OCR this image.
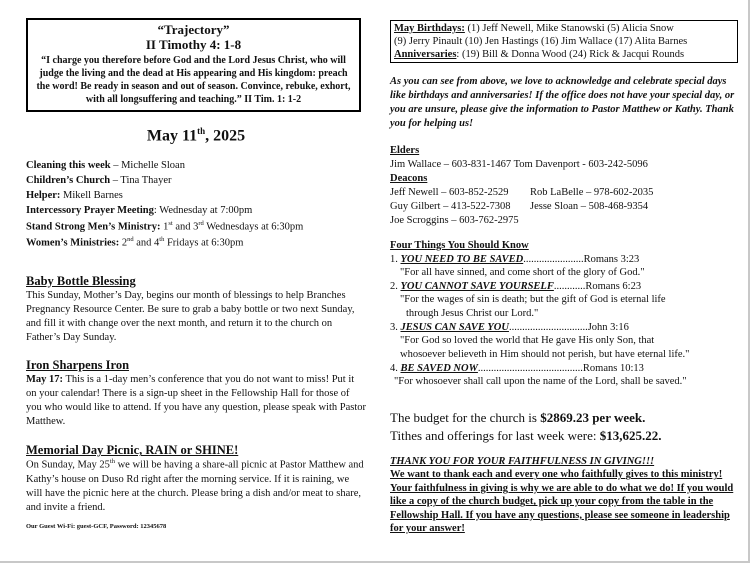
“Trajectory”
II Timothy 4: 1-8
“I charge you therefore before God and the Lord Jesus Christ, who will judge the living and the dead at His appearing and His kingdom: preach the word! Be ready in season and out of season. Convince, rebuke, exhort, with all longsuffering and teaching.” II Tim. 1: 1-2
May 11th, 2025
Cleaning this week – Michelle Sloan
Children’s Church – Tina Thayer
Helper: Mikell Barnes
Intercessory Prayer Meeting: Wednesday at 7:00pm
Stand Strong Men’s Ministry: 1st and 3rd Wednesdays at 6:30pm
Women’s Ministries: 2nd and 4th Fridays at 6:30pm
Baby Bottle Blessing

This Sunday, Mother’s Day, begins our month of blessings to help Branches Pregnancy Resource Center. Be sure to grab a baby bottle or two next Sunday, and fill it with change over the next month, and return it to the church on Father’s Day Sunday.

Iron Sharpens Iron

May 17: This is a 1-day men’s conference that you do not want to miss! Put it on your calendar! There is a sign-up sheet in the Fellowship Hall for those of you who would like to attend. If you have any question, please speak with Pastor Matthew.

Memorial Day Picnic, RAIN or SHINE!

On Sunday, May 25th we will be having a share-all picnic at Pastor Matthew and Kathy’s house on Duso Rd right after the morning service. If it is raining, we will have the picnic here at the church. Please bring a dish and/or meat to share, and invite a friend.

Our Guest Wi-Fi: guest-GCF, Password: 12345678
May Birthdays: (1) Jeff Newell, Mike Stanowski (5) Alicia Snow
(9) Jerry Pinault (10) Jen Hastings (16) Jim Wallace (17) Alita Barnes
Anniversaries: (19) Bill & Donna Wood (24) Rick & Jacqui Rounds
As you can see from above, we love to acknowledge and celebrate special days like birthdays and anniversaries! If the office does not have your special day, or you are unsure, please give the information to Pastor Matthew or Kathy. Thank you for helping us!
Elders
Jim Wallace – 603-831-1467 Tom Davenport - 603-242-5096
Deacons
Jeff Newell – 603-852-2529	Rob LaBelle – 978-602-2035
Guy Gilbert – 413-522-7308	Jesse Sloan – 508-468-9354
Joe Scroggins – 603-762-2975
Four Things You Should Know
1. YOU NEED TO BE SAVED.......................Romans 3:23
"For all have sinned, and come short of the glory of God."
2. YOU CANNOT SAVE YOURSELF............Romans 6:23
"For the wages of sin is death; but the gift of God is eternal life
through Jesus Christ our Lord."
3. JESUS CAN SAVE YOU..............................John 3:16
"For God so loved the world that He gave His only Son, that
whosoever believeth in Him should not perish, but have eternal life."
4. BE SAVED NOW........................................Romans 10:13
"For whosoever shall call upon the name of the Lord, shall be saved."
The budget for the church is $2869.23 per week.
Tithes and offerings for last week were: $13,625.22.
THANK YOU FOR YOUR FAITHFULNESS IN GIVING!!!
We want to thank each and every one who faithfully gives to this ministry! Your faithfulness in giving is why we are able to do what we do! If you would like a copy of the church budget, pick up your copy from the table in the Fellowship Hall. If you have any questions, please see someone in leadership for your answer!
